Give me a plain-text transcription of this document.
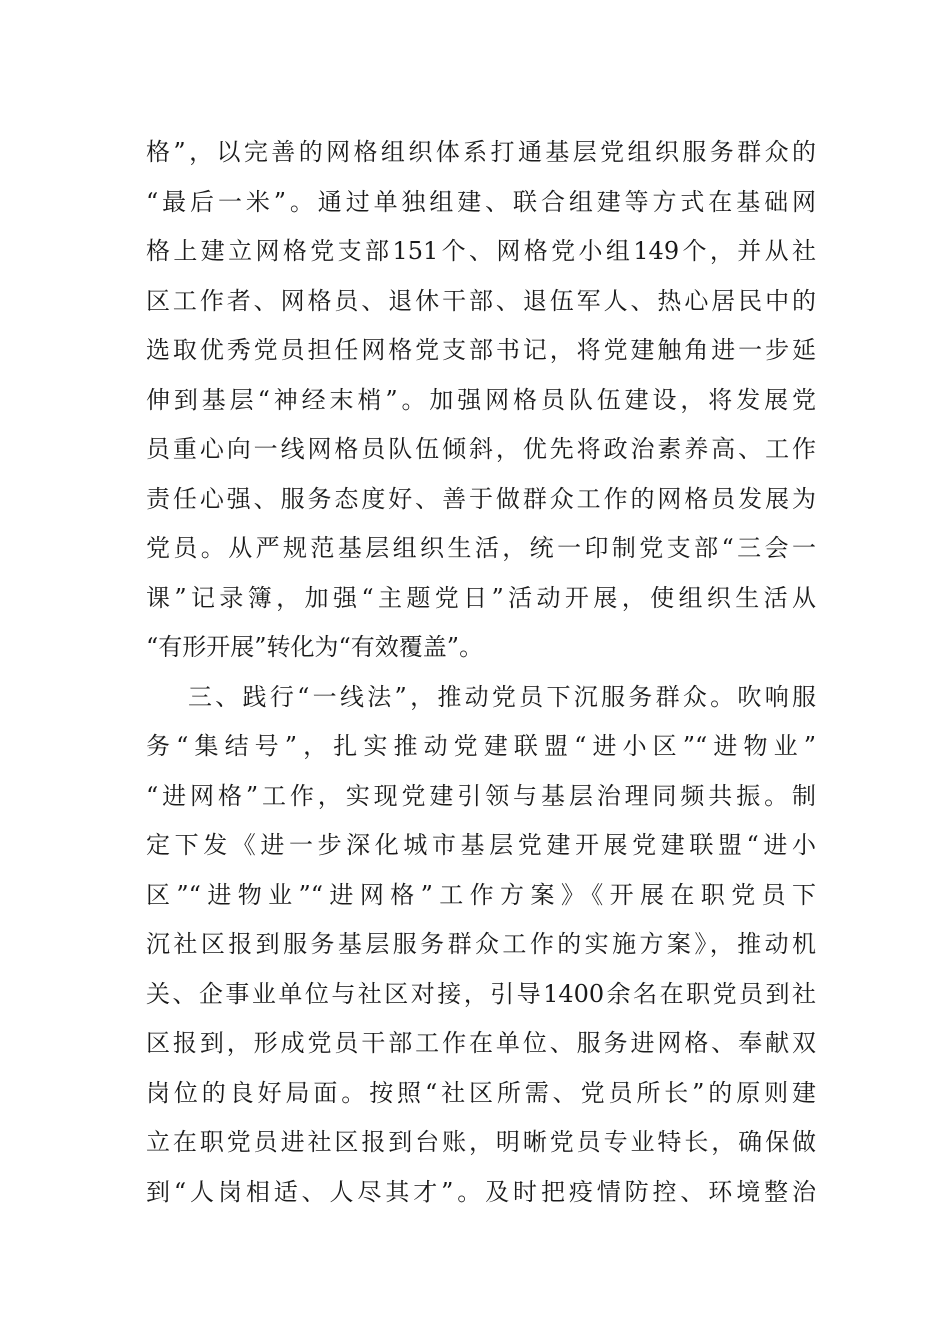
格”，以完善的网格组织体系打通基层党组织服务群众的
“最后一米”。通过单独组建、联合组建等方式在基础网
格上建立网格党支部151个、网格党小组149个，并从社
区工作者、网格员、退休干部、退伍军人、热心居民中的
选取优秀党员担任网格党支部书记，将党建触角进一步延
伸到基层“神经末梢”。加强网格员队伍建设，将发展党
员重心向一线网格员队伍倾斜，优先将政治素养高、工作
责任心强、服务态度好、善于做群众工作的网格员发展为
党员。从严规范基层组织生活，统一印制党支部“三会一
课”记录簿，加强“主题党日”活动开展，使组织生活从
“有形开展”转化为“有效覆盖”。
三、践行“一线法”，推动党员下沉服务群众。吹响服
务“集结号”，扎实推动党建联盟“进小区”“进物业”
“进网格”工作，实现党建引领与基层治理同频共振。制
定下发《进一步深化城市基层党建开展党建联盟“进小
区”“进物业”“进网格”工作方案》《开展在职党员下
沉社区报到服务基层服务群众工作的实施方案》，推动机
关、企事业单位与社区对接，引导1400余名在职党员到社
区报到，形成党员干部工作在单位、服务进网格、奉献双
岗位的良好局面。按照“社区所需、党员所长”的原则建
立在职党员进社区报到台账，明晰党员专业特长，确保做
到“人岗相适、人尽其才”。及时把疫情防控、环境整治
